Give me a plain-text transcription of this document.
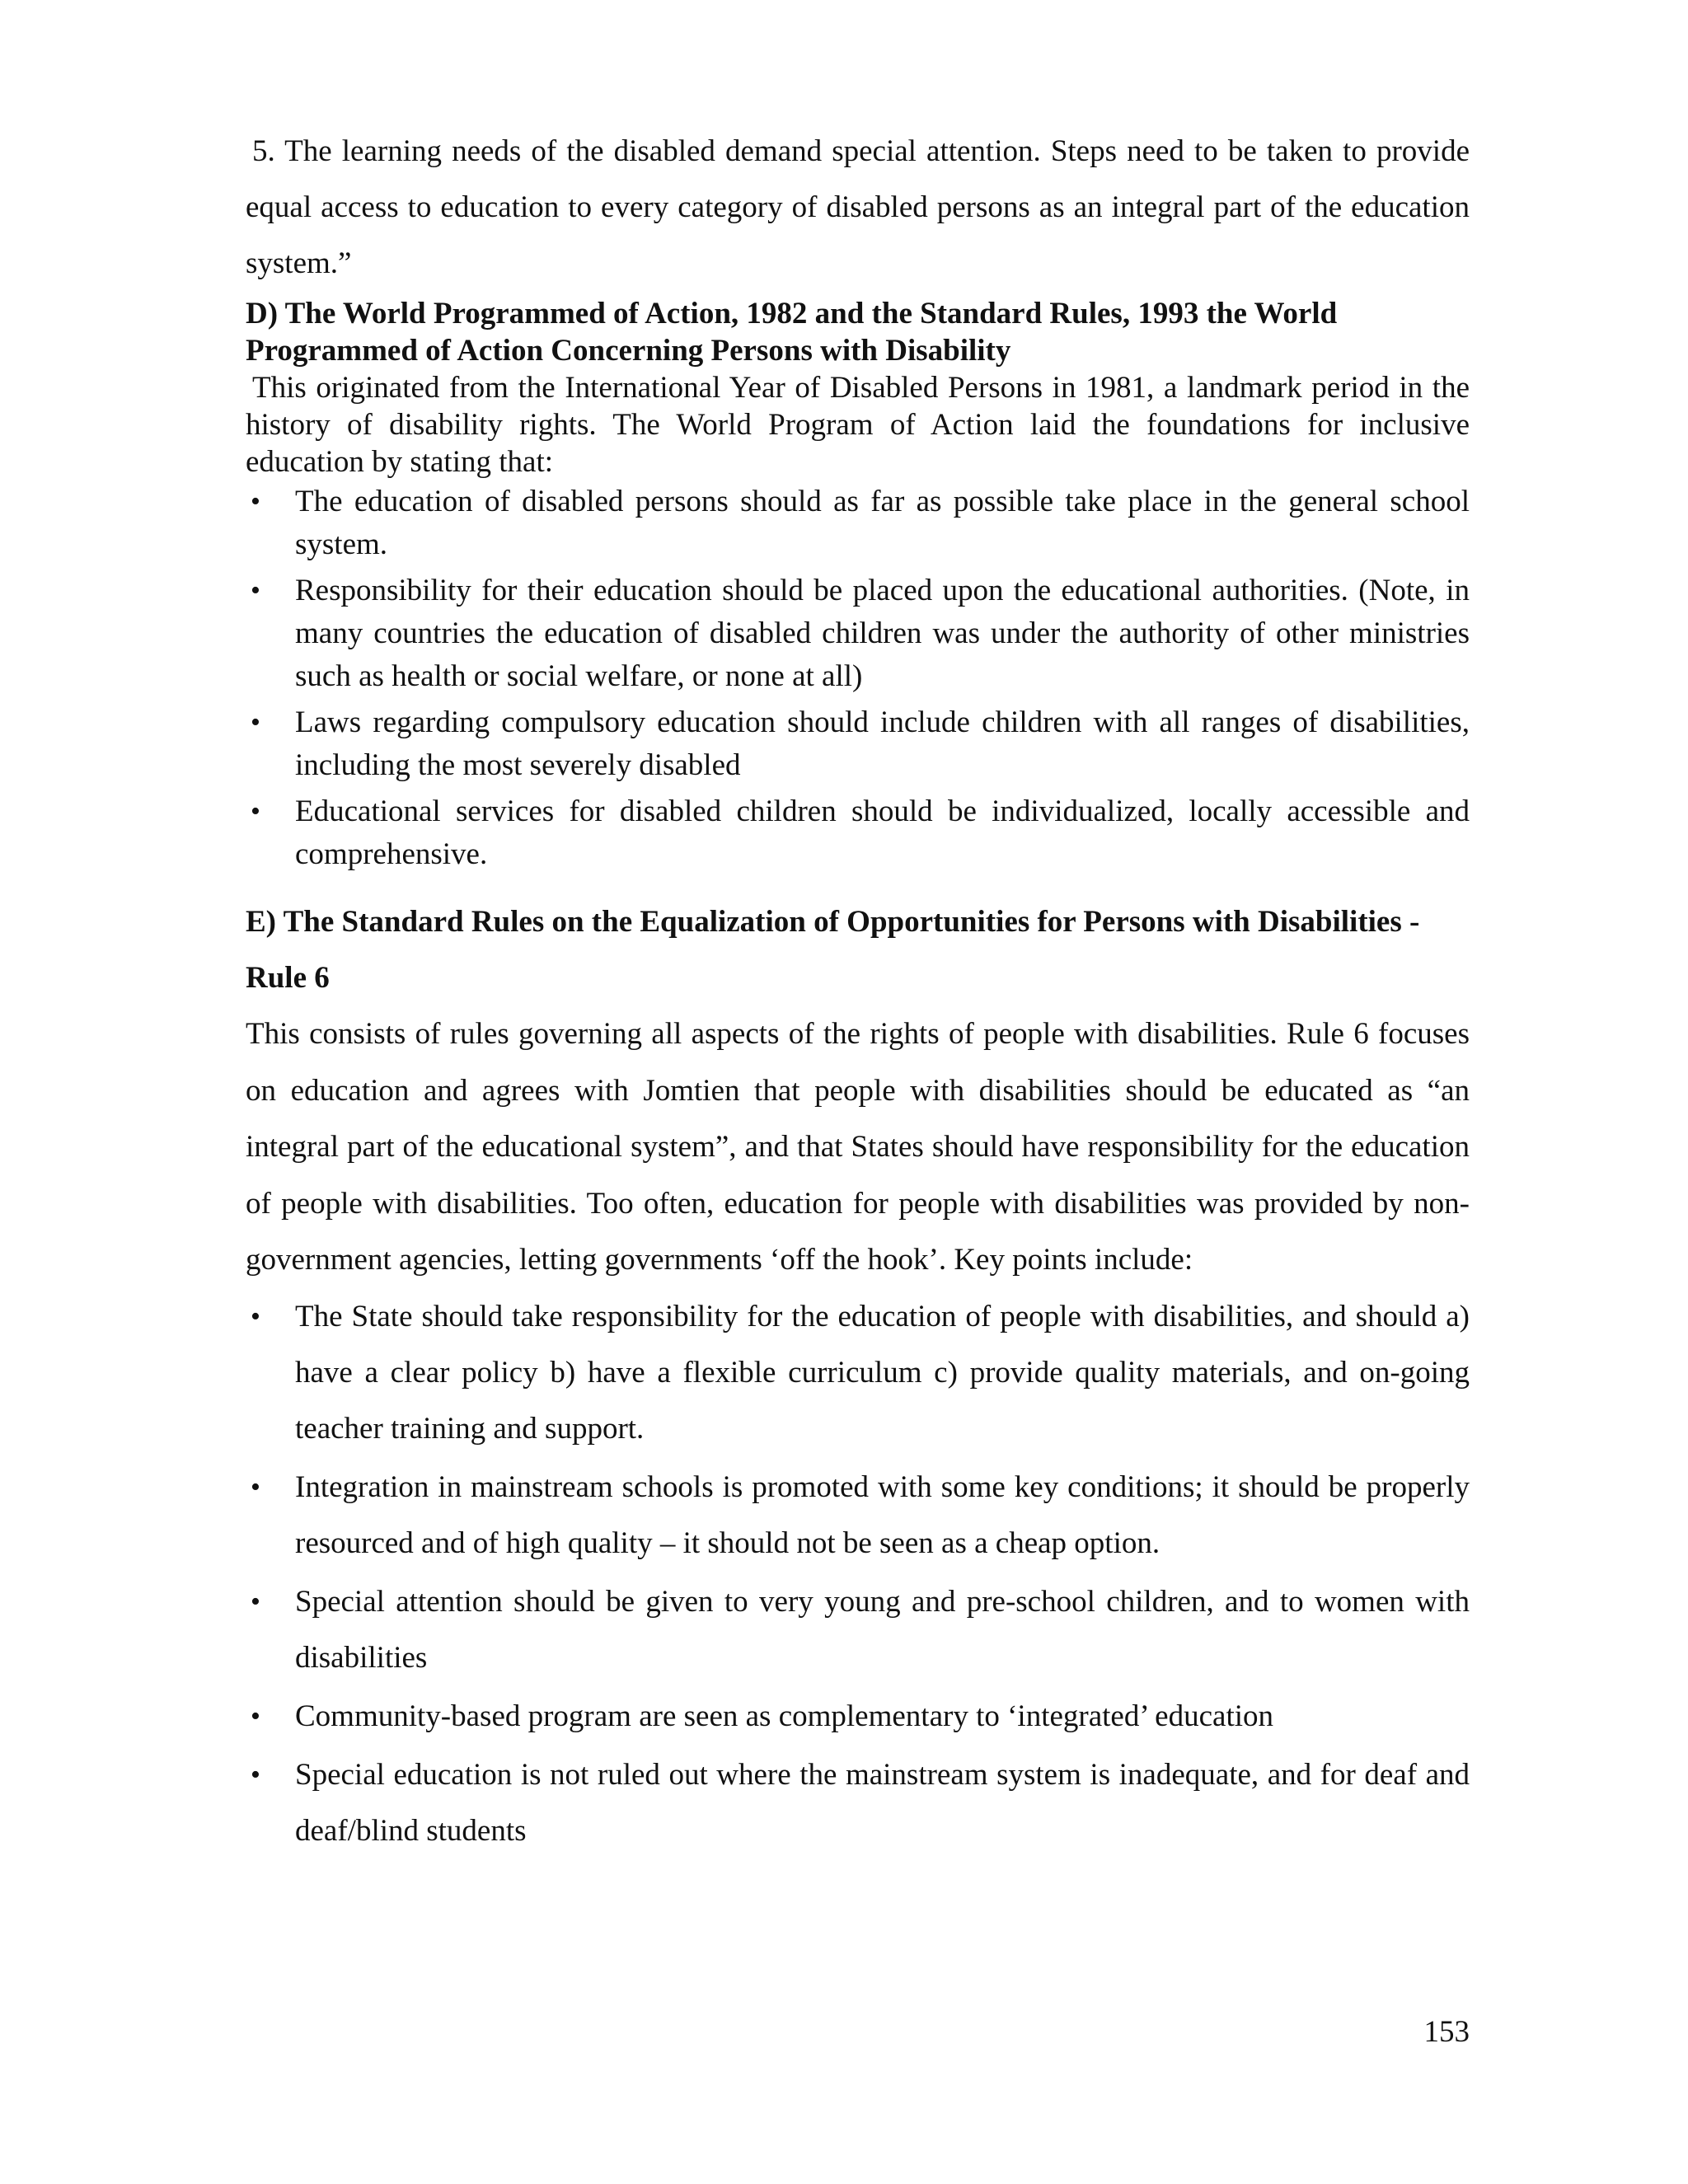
5. The learning needs of the disabled demand special attention. Steps need to be taken to provide equal access to education to every category of disabled persons as an integral part of the education system.”

D) The World Programmed of Action, 1982 and the Standard Rules, 1993 the World Programmed of Action Concerning Persons with Disability

This originated from the International Year of Disabled Persons in 1981, a landmark period in the history of disability rights. The World Program of Action laid the foundations for inclusive education by stating that:

• The education of disabled persons should as far as possible take place in the general school system.
• Responsibility for their education should be placed upon the educational authorities. (Note, in many countries the education of disabled children was under the authority of other ministries such as health or social welfare, or none at all)
• Laws regarding compulsory education should include children with all ranges of disabilities, including the most severely disabled
• Educational services for disabled children should be individualized, locally accessible and comprehensive.
E) The Standard Rules on the Equalization of Opportunities for Persons with Disabilities - Rule 6

This consists of rules governing all aspects of the rights of people with disabilities. Rule 6 focuses on education and agrees with Jomtien that people with disabilities should be educated as “an integral part of the educational system”, and that States should have responsibility for the education of people with disabilities. Too often, education for people with disabilities was provided by non-government agencies, letting governments ‘off the hook’. Key points include:

• The State should take responsibility for the education of people with disabilities, and should a) have a clear policy b) have a flexible curriculum c) provide quality materials, and on-going teacher training and support.
• Integration in mainstream schools is promoted with some key conditions; it should be properly resourced and of high quality – it should not be seen as a cheap option.
• Special attention should be given to very young and pre-school children, and to women with disabilities
• Community-based program are seen as complementary to ‘integrated’ education
• Special education is not ruled out where the mainstream system is inadequate, and for deaf and deaf/blind students
153
